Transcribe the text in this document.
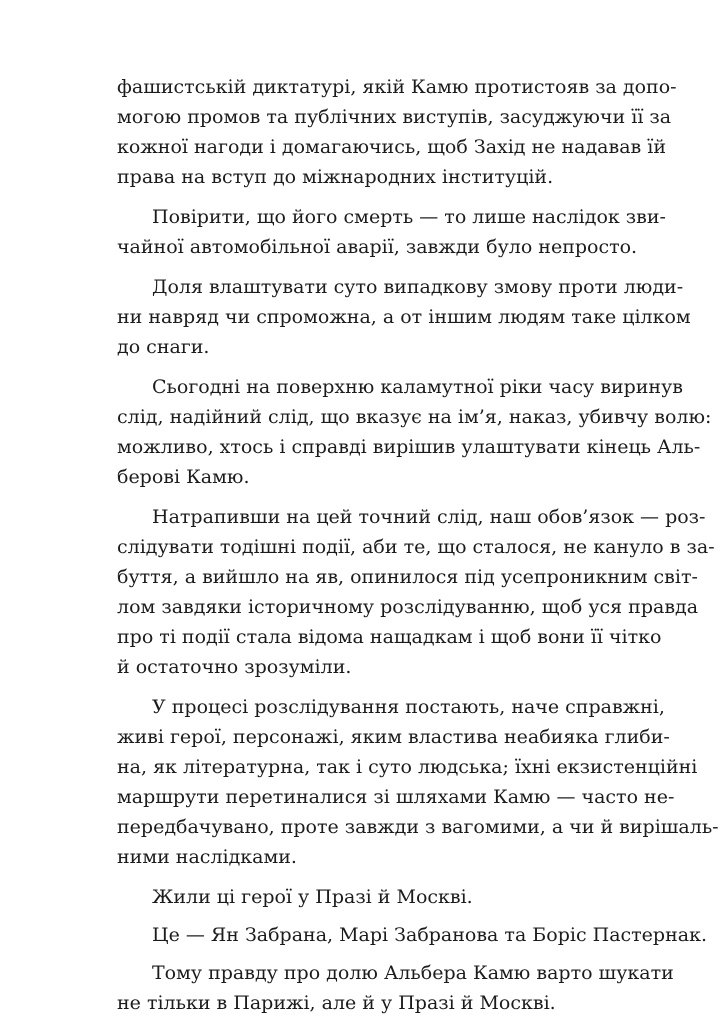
фашистській диктатурі, якій Камю протистояв за допо-
могою промов та публічних виступів, засуджуючи її за
кожної нагоди і домагаючись, щоб Захід не надавав їй
права на вступ до міжнародних інституцій.
Повірити, що його смерть — то лише наслідок зви-
чайної автомобільної аварії, завжди було непросто.
Доля влаштувати суто випадкову змову проти люди-
ни навряд чи спроможна, а от іншим людям таке цілком
до снаги.
Сьогодні на поверхню каламутної ріки часу виринув
слід, надійний слід, що вказує на ім’я, наказ, убивчу волю:
можливо, хтось і справді вирішив улаштувати кінець Аль-
берові Камю.
Натрапивши на цей точний слід, наш обов’язок — роз-
слідувати тодішні події, аби те, що сталося, не кануло в за-
буття, а вийшло на яв, опинилося під усепроникним світ-
лом завдяки історичному розслідуванню, щоб уся правда
про ті події стала відома нащадкам і щоб вони її чітко
й остаточно зрозуміли.
У процесі розслідування постають, наче справжні,
живі герої, персонажі, яким властива неабияка глиби-
на, як літературна, так і суто людська; їхні екзистенційні
маршрути перетиналися зі шляхами Камю — часто не-
передбачувано, проте завжди з вагомими, а чи й вирішаль-
ними наслідками.
Жили ці герої у Празі й Москві.
Це — Ян Забрана, Марі Забранова та Боріс Пастернак.
Тому правду про долю Альбера Камю варто шукати
не тільки в Парижі, але й у Празі й Москві.
